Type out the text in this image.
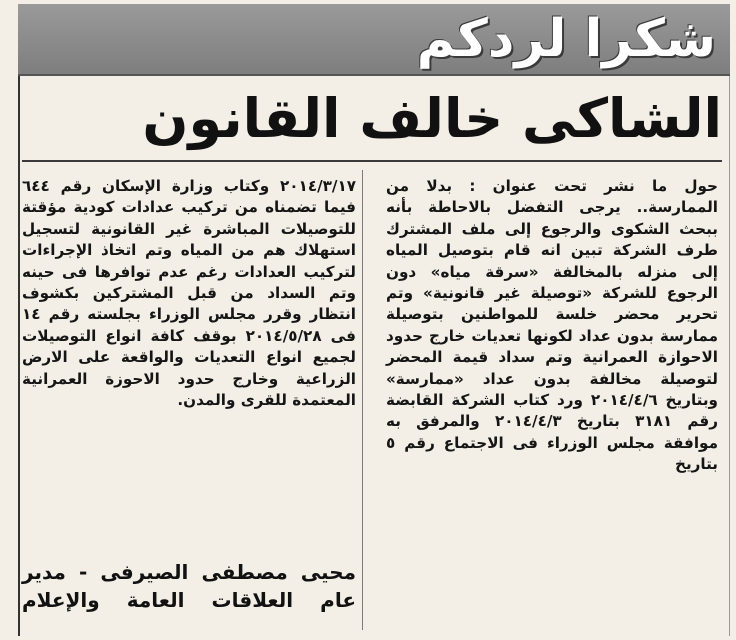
شكرا لردكم
الشاكى خالف القانون

حول ما نشر تحت عنوان : بدلا من الممارسة.. يرجى التفضل بالاحاطة بأنه ببحث الشكوى والرجوع إلى ملف المشترك طرف الشركة تبين انه قام بتوصيل المياه إلى منزله بالمخالفة «سرقة مياه» دون الرجوع للشركة «توصيلة غير قانونية» وتم تحرير محضر خلسة للمواطنين بتوصيلة ممارسة بدون عداد لكونها تعديات خارج حدود الاحوازة العمرانية وتم سداد قيمة المحضر لتوصيلة مخالفة بدون عداد «ممارسة» وبتاريخ ٢٠١٤/٤/٦ ورد كتاب الشركة القابضة رقم ٣١٨١ بتاريخ ٢٠١٤/٤/٣ والمرفق به موافقة مجلس الوزراء فى الاجتماع رقم ٥ بتاريخ

٢٠١٤/٣/١٧ وكتاب وزارة الإسكان رقم ٦٤٤ فيما تضمناه من تركيب عدادات كودية مؤقتة للتوصيلات المباشرة غير القانونية لتسجيل استهلاك هم من المياه وتم اتخاذ الإجراءات لتركيب العدادات رغم عدم توافرها فى حينه وتم السداد من قبل المشتركين بكشوف انتظار وقرر مجلس الوزراء بجلسته رقم ١٤ فى ٢٠١٤/٥/٢٨ بوقف كافة انواع التوصيلات لجميع انواع التعديات والواقعة على الارض الزراعية وخارج حدود الاحوزة العمرانية المعتمدة للقرى والمدن.

محيى مصطفى الصيرفى - مدير عام العلاقات العامة والإعلام
